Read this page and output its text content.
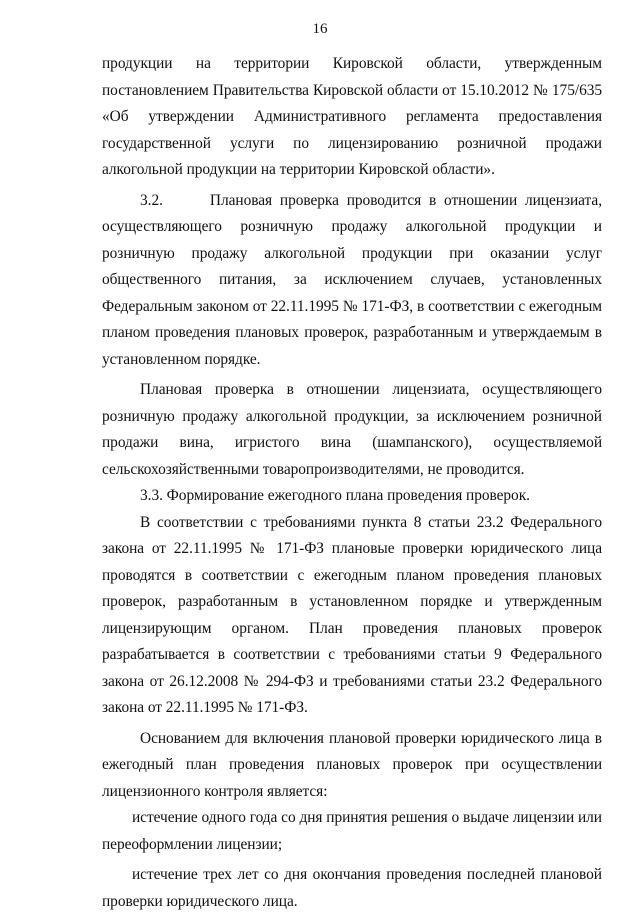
16

продукции на территории Кировской области, утвержденным постановлением Правительства Кировской области от 15.10.2012 № 175/635 «Об утверждении Административного регламента предоставления государственной услуги по лицензированию розничной продажи алкогольной продукции на территории Кировской области».

3.2.      Плановая проверка проводится в отношении лицензиата, осуществляющего розничную продажу алкогольной продукции и розничную продажу алкогольной продукции при оказании услуг общественного питания, за исключением случаев, установленных Федеральным законом от 22.11.1995 № 171-ФЗ, в соответствии с ежегодным планом проведения плановых проверок, разработанным и утверждаемым в установленном порядке.

Плановая проверка в отношении лицензиата, осуществляющего розничную продажу алкогольной продукции, за исключением розничной продажи вина, игристого вина (шампанского), осуществляемой сельскохозяйственными товаропроизводителями, не проводится.

3.3. Формирование ежегодного плана проведения проверок.

В соответствии с требованиями пункта 8 статьи 23.2 Федерального закона от 22.11.1995 № 171-ФЗ плановые проверки юридического лица проводятся в соответствии с ежегодным планом проведения плановых проверок, разработанным в установленном порядке и утвержденным лицензирующим органом. План проведения плановых проверок разрабатывается в соответствии с требованиями статьи 9 Федерального закона от 26.12.2008 № 294-ФЗ и требованиями статьи 23.2 Федерального закона от 22.11.1995 № 171-ФЗ.

Основанием для включения плановой проверки юридического лица в ежегодный план проведения плановых проверок при осуществлении лицензионного контроля является:

истечение одного года со дня принятия решения о выдаче лицензии или переоформлении лицензии;

истечение трех лет со дня окончания проведения последней плановой проверки юридического лица.
